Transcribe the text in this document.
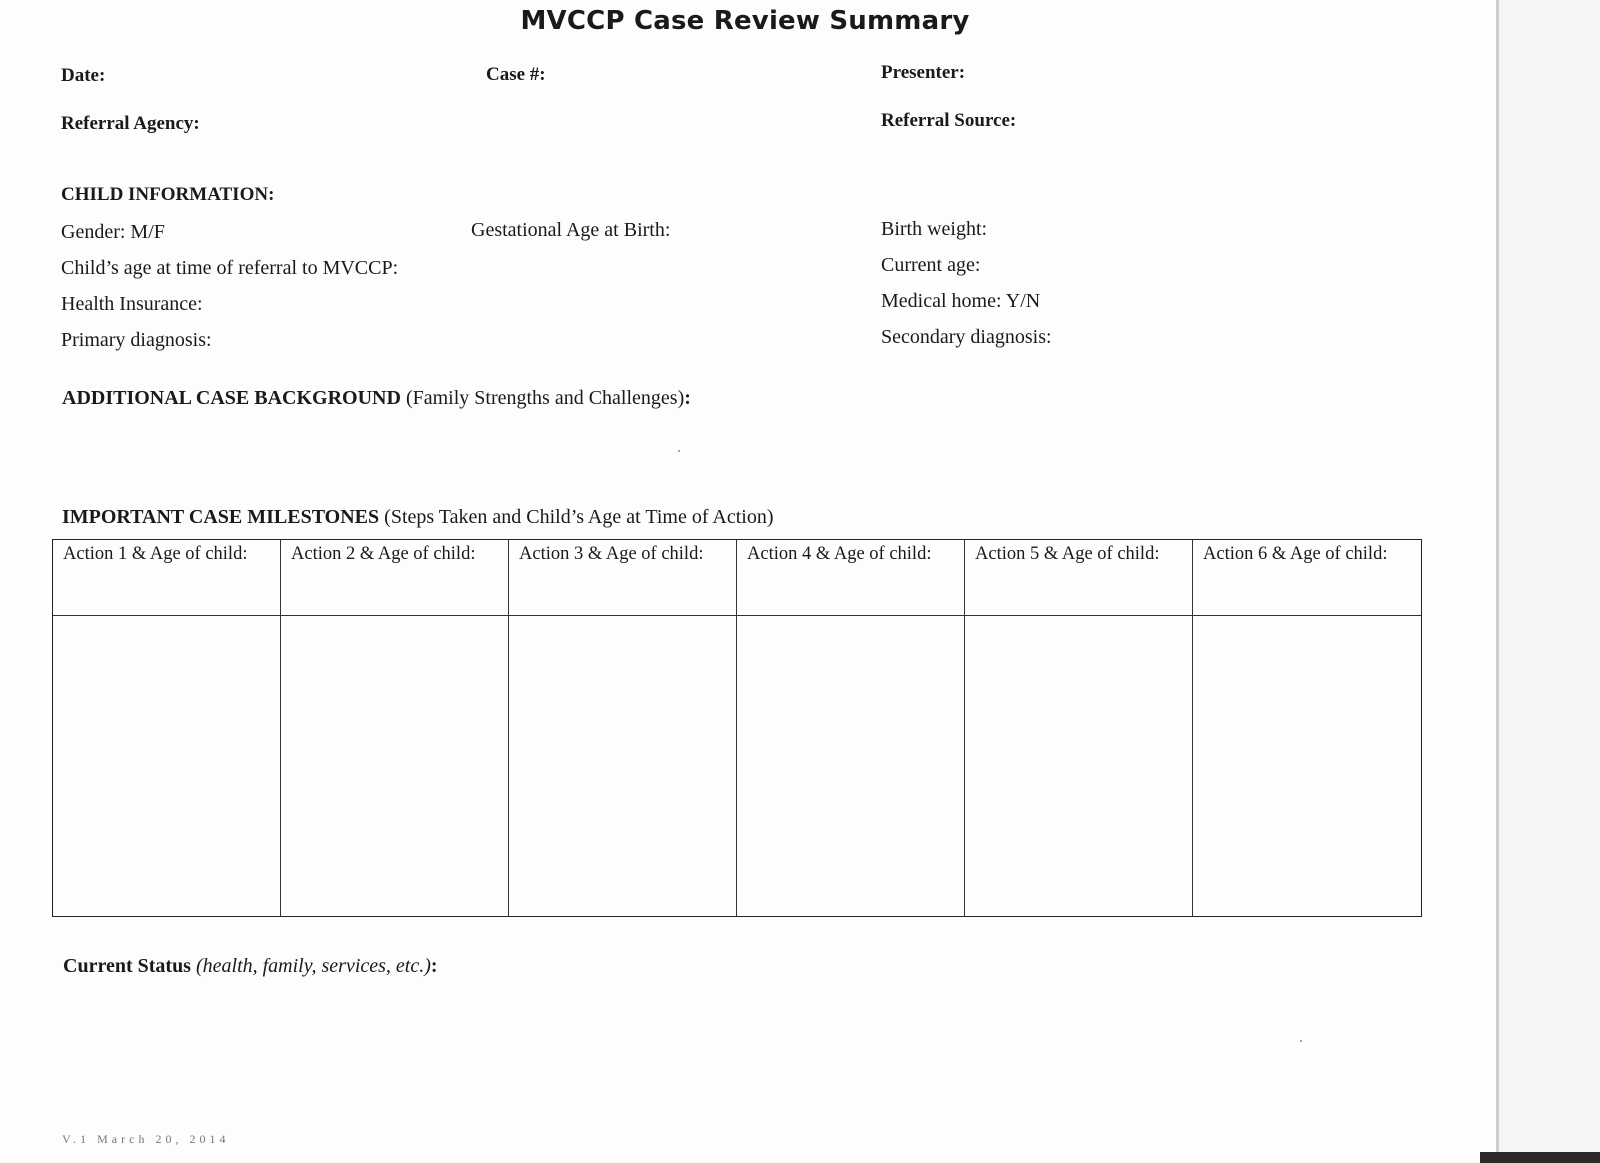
MVCCP Case Review Summary
Date:	Case #:	Presenter:
Referral Agency:	Referral Source:
CHILD INFORMATION:
Gender: M/F	Gestational Age at Birth:	Birth weight:
Child’s age at time of referral to MVCCP:	Current age:
Health Insurance:	Medical home: Y/N
Primary diagnosis:	Secondary diagnosis:
ADDITIONAL CASE BACKGROUND (Family Strengths and Challenges):
IMPORTANT CASE MILESTONES (Steps Taken and Child’s Age at Time of Action)
Action 1 & Age of child:	Action 2 & Age of child:	Action 3 & Age of child:	Action 4 & Age of child:	Action 5 & Age of child:	Action 6 & Age of child:
Current Status (health, family, services, etc.):
V.1 March 20, 2014
